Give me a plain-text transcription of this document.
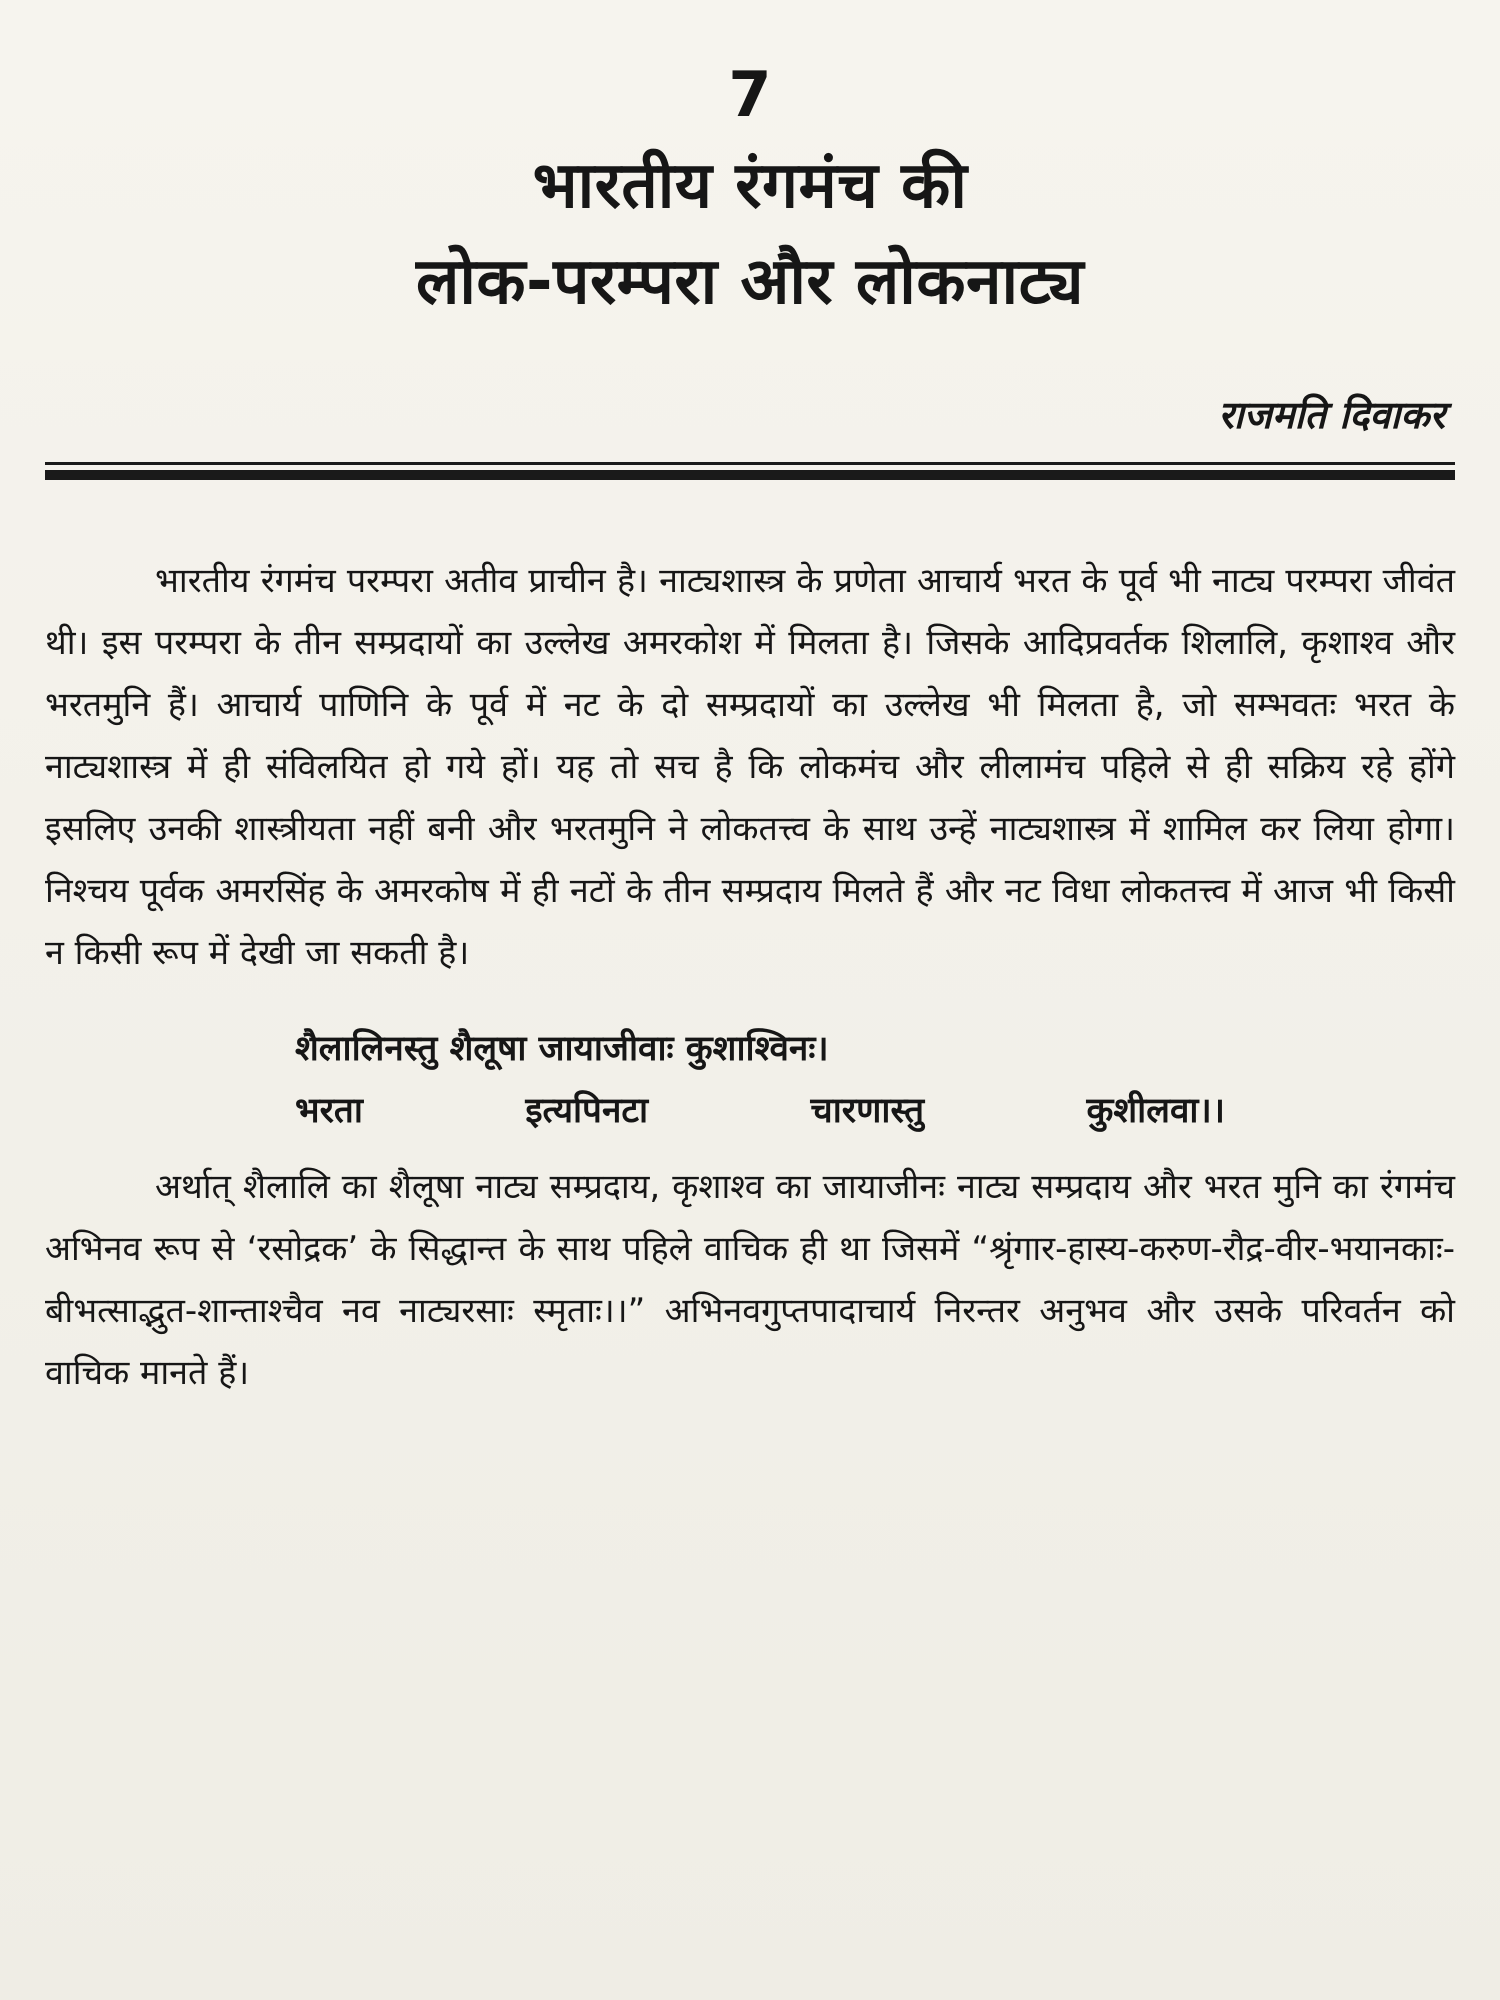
7
भारतीय रंगमंच की
लोक-परम्परा और लोकनाट्य
राजमति दिवाकर

भारतीय रंगमंच परम्परा अतीव प्राचीन है। नाट्यशास्त्र के प्रणेता आचार्य भरत के पूर्व भी नाट्य परम्परा जीवंत थी। इस परम्परा के तीन सम्प्रदायों का उल्लेख अमरकोश में मिलता है। जिसके आदिप्रवर्तक शिलालि, कृशाश्व और भरतमुनि हैं। आचार्य पाणिनि के पूर्व में नट के दो सम्प्रदायों का उल्लेख भी मिलता है, जो सम्भवतः भरत के नाट्यशास्त्र में ही संविलयित हो गये हों। यह तो सच है कि लोकमंच और लीलामंच पहिले से ही सक्रिय रहे होंगे इसलिए उनकी शास्त्रीयता नहीं बनी और भरतमुनि ने लोकतत्त्व के साथ उन्हें नाट्यशास्त्र में शामिल कर लिया होगा। निश्चय पूर्वक अमरसिंह के अमरकोष में ही नटों के तीन सम्प्रदाय मिलते हैं और नट विधा लोकतत्त्व में आज भी किसी न किसी रूप में देखी जा सकती है।

शैलालिनस्तु शैलूषा जायाजीवाः कुशाश्विनः।
भरता	इत्यपिनटा	चारणास्तु	कुशीलवा।।

अर्थात् शैलालि का शैलूषा नाट्य सम्प्रदाय, कृशाश्व का जायाजीनः नाट्य सम्प्रदाय और भरत मुनि का रंगमंच अभिनव रूप से ‘रसोद्रक’ के सिद्धान्त के साथ पहिले वाचिक ही था जिसमें “श्रृंगार-हास्य-करुण-रौद्र-वीर-भयानकाः-बीभत्साद्भुत-शान्ताश्चैव नव नाट्यरसाः स्मृताः।।” अभिनवगुप्तपादाचार्य निरन्तर अनुभव और उसके परिवर्तन को वाचिक मानते हैं।
